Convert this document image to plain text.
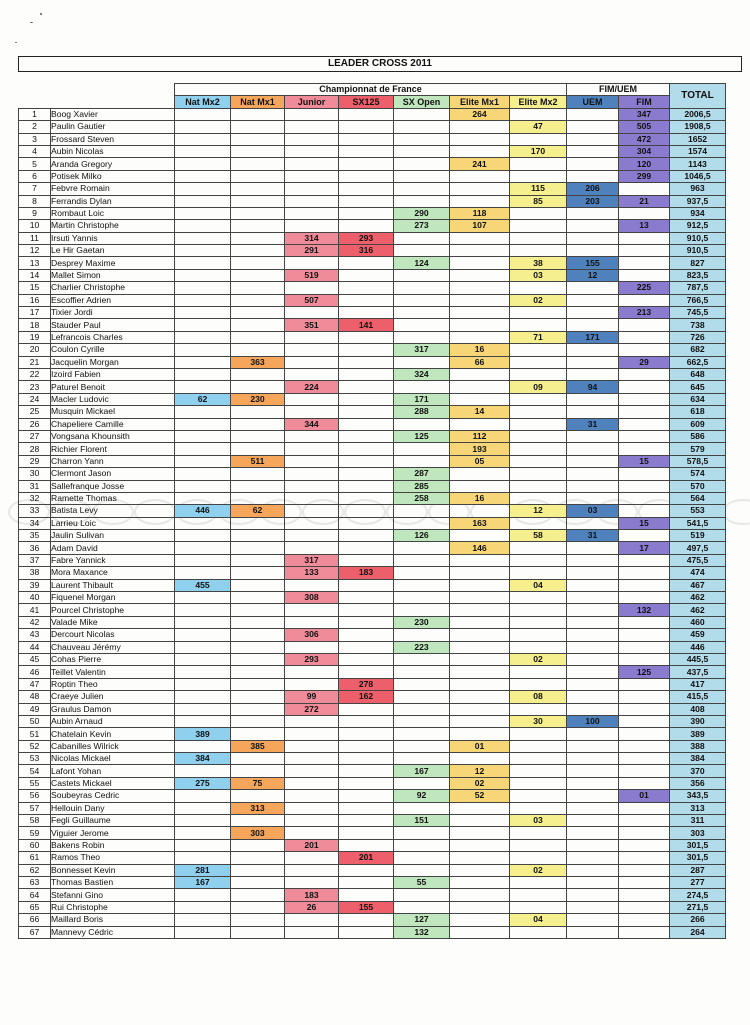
LEADER CROSS 2011
		Championnat de France							FIM/UEM		TOTAL
		Nat Mx2	Nat Mx1	Junior	SX125	SX Open	Elite Mx1	Elite Mx2	UEM	FIM	
1	Boog Xavier						264			347	2006,5
2	Paulin Gautier							47		505	1908,5
3	Frossard Steven									472	1652
4	Aubin Nicolas							170		304	1574
5	Aranda Gregory						241			120	1143
6	Potisek Milko									299	1046,5
7	Febvre Romain							115	206		963
8	Ferrandis Dylan							85	203	21	937,5
9	Rombaut Loic					290	118				934
10	Martin Christophe					273	107			13	912,5
11	Irsuti Yannis			314	293						910,5
12	Le Hir Gaetan			291	316						910,5
13	Desprey Maxime					124		38	155		827
14	Mallet Simon			519				03	12		823,5
15	Charlier Christophe									225	787,5
16	Escoffier Adrien			507				02			766,5
17	Tixier Jordi									213	745,5
18	Stauder Paul			351	141						738
19	Lefrancois Charles							71	171		726
20	Coulon Cyrille					317	16				682
21	Jacquelin Morgan		363				66			29	662,5
22	Izoird Fabien					324					648
23	Paturel Benoit			224				09	94		645
24	Macler Ludovic	62	230			171					634
25	Musquin Mickael					288	14				618
26	Chapeliere Camille			344					31		609
27	Vongsana Khounsith					125	112				586
28	Richier Florent						193				579
29	Charron Yann		511				05			15	578,5
30	Clermont Jason					287					574
31	Sallefranque Josse					285					570
32	Ramette Thomas					258	16				564
33	Batista Levy	446	62					12	03		553
34	Larrieu Loic						163			15	541,5
35	Jaulin Sulivan					126		58	31		519
36	Adam David						146			17	497,5
37	Fabre Yannick			317							475,5
38	Mora Maxance			133	183						474
39	Laurent Thibault	455						04			467
40	Fiquenel Morgan			308							462
41	Pourcel Christophe									132	462
42	Valade Mike					230					460
43	Dercourt Nicolas			306							459
44	Chauveau Jérémy					223					446
45	Cohas Pierre			293				02			445,5
46	Teillet Valentin									125	437,5
47	Roptin Theo				278						417
48	Craeye Julien			99	162			08			415,5
49	Graulus Damon			272							408
50	Aubin Arnaud							30	100		390
51	Chatelain Kevin	389									389
52	Cabanilles Wilrick		385				01				388
53	Nicolas Mickael	384									384
54	Lafont Yohan					167	12				370
55	Castets Mickael	275	75				02				356
56	Soubeyras Cedric					92	52			01	343,5
57	Hellouin Dany		313								313
58	Fegli Guillaume					151		03			311
59	Viguier Jerome		303								303
60	Bakens Robin			201							301,5
61	Ramos Theo				201						301,5
62	Bonnesset Kevin	281						02			287
63	Thomas Bastien	167				55					277
64	Stefanni Gino			183							274,5
65	Rui Christophe			26	155						271,5
66	Maillard Boris					127		04			266
67	Mannevy Cédric					132					264
